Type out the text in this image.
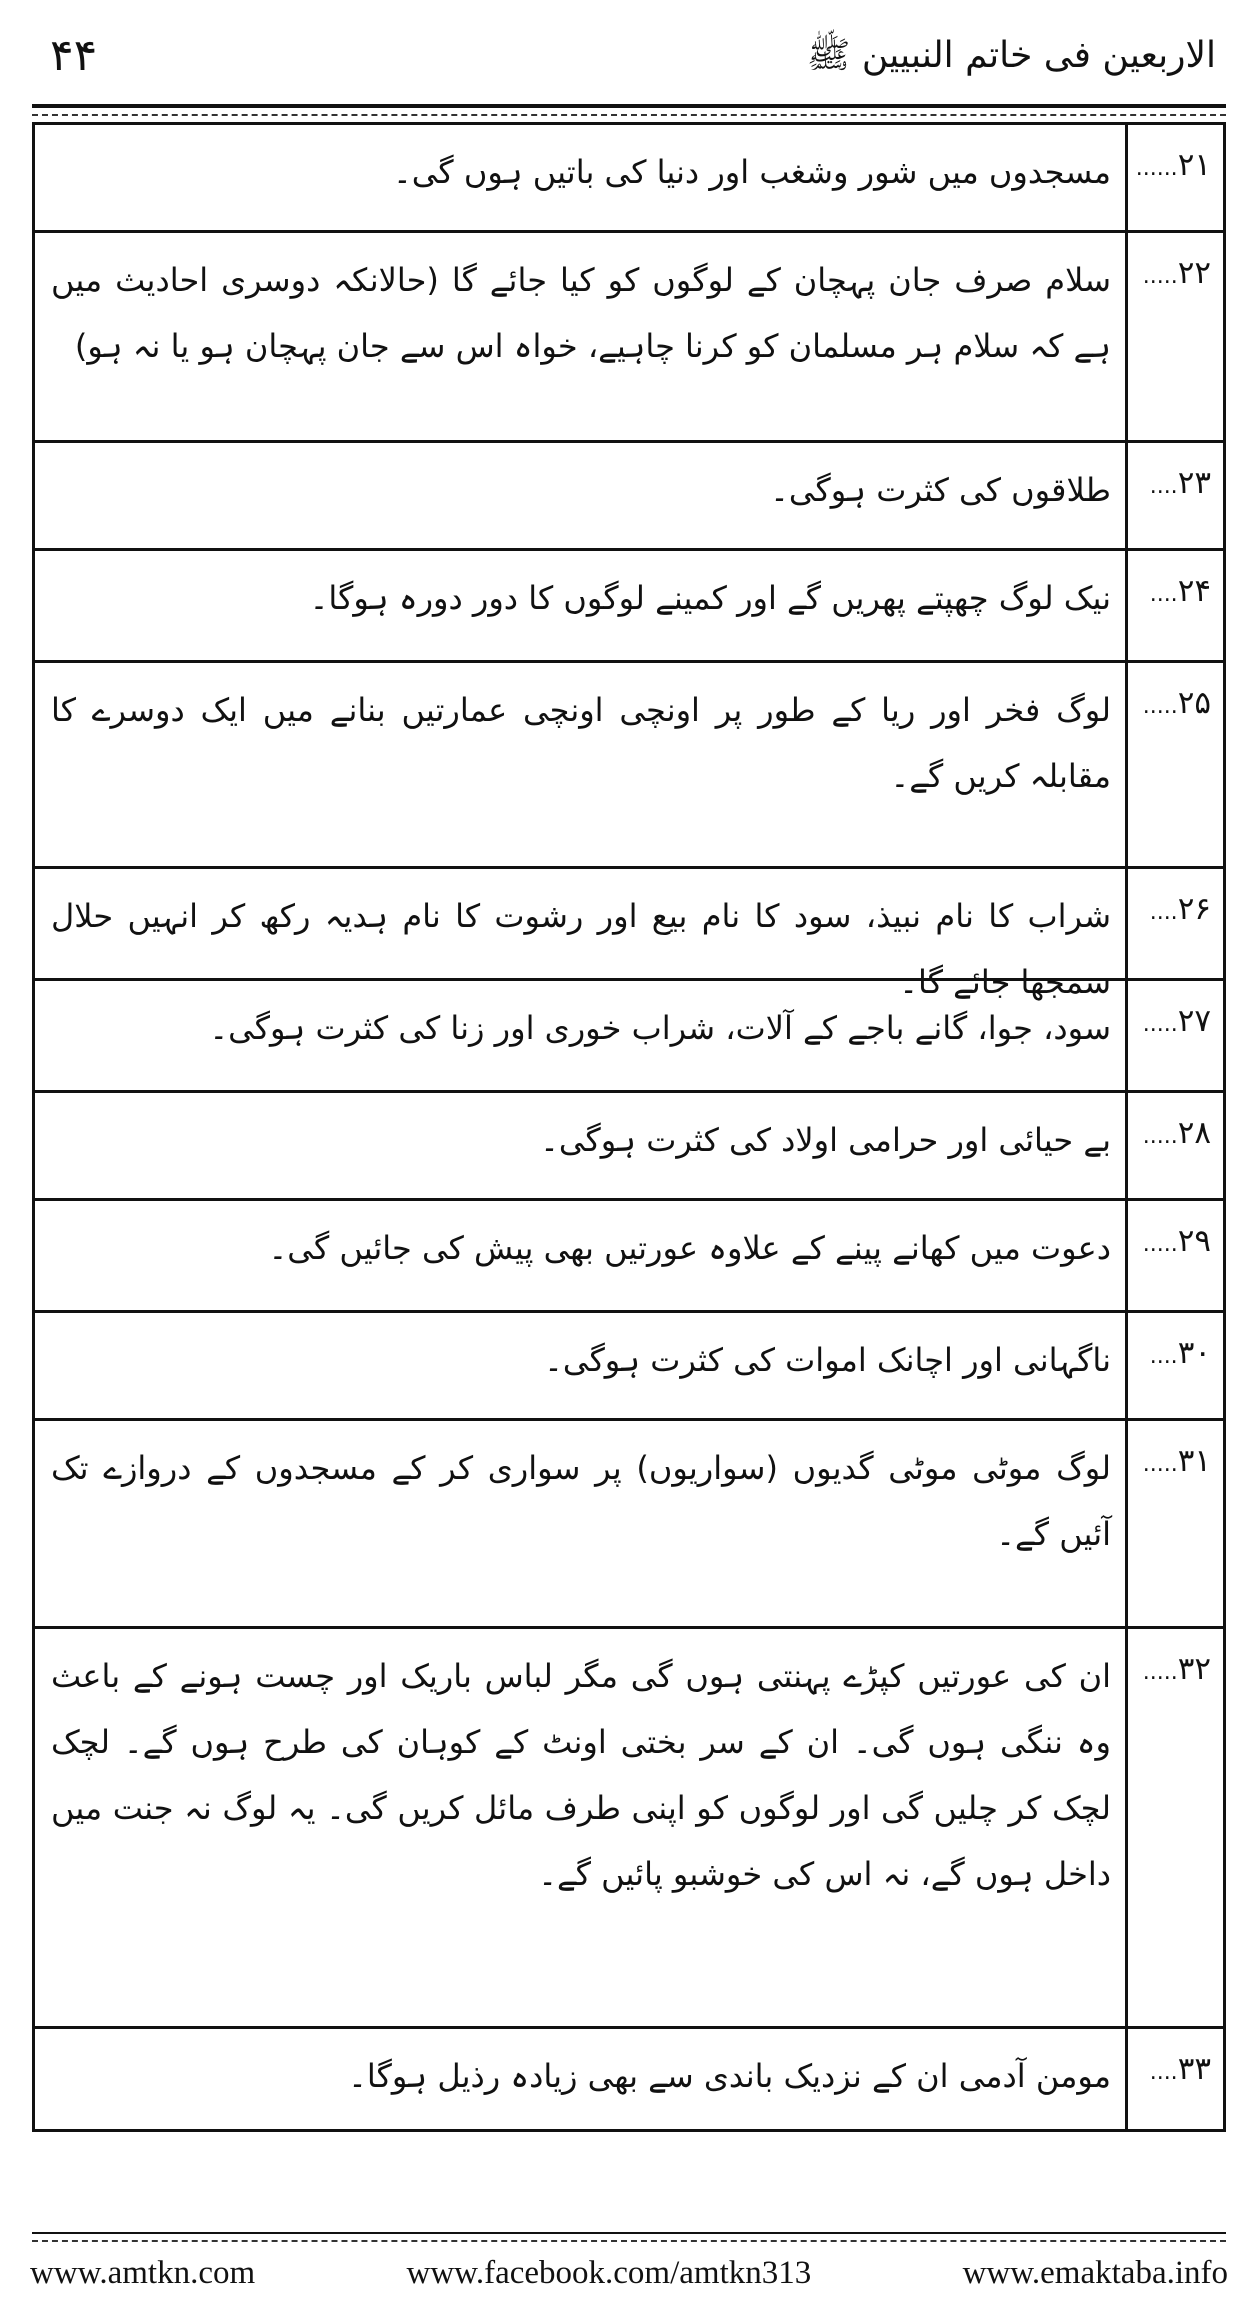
۴۴	الاربعین فی خاتم النبیین ﷺ
۲۱......
مسجدوں میں شور وشغب اور دنیا کی باتیں ہوں گی۔
۲۲.....
سلام صرف جان پہچان کے لوگوں کو کیا جائے گا (حالانکہ دوسری احادیث میں ہے کہ سلام ہر مسلمان کو کرنا چاہیے، خواہ اس سے جان پہچان ہو یا نہ ہو)
۲۳....
طلاقوں کی کثرت ہوگی۔
۲۴....
نیک لوگ چھپتے پھریں گے اور کمینے لوگوں کا دور دورہ ہوگا۔
۲۵.....
لوگ فخر اور ریا کے طور پر اونچی اونچی عمارتیں بنانے میں ایک دوسرے کا مقابلہ کریں گے۔
۲۶....
شراب کا نام نبیذ، سود کا نام بیع اور رشوت کا نام ہدیہ رکھ کر انہیں حلال سمجھا جائے گا۔
۲۷.....
سود، جوا، گانے باجے کے آلات، شراب خوری اور زنا کی کثرت ہوگی۔
۲۸.....
بے حیائی اور حرامی اولاد کی کثرت ہوگی۔
۲۹.....
دعوت میں کھانے پینے کے علاوہ عورتیں بھی پیش کی جائیں گی۔
۳۰....
ناگہانی اور اچانک اموات کی کثرت ہوگی۔
۳۱.....
لوگ موٹی موٹی گدیوں (سواریوں) پر سواری کر کے مسجدوں کے دروازے تک آئیں گے۔
۳۲.....
ان کی عورتیں کپڑے پہنتی ہوں گی مگر لباس باریک اور چست ہونے کے باعث وہ ننگی ہوں گی۔ ان کے سر بختی اونٹ کے کوہان کی طرح ہوں گے۔ لچک لچک کر چلیں گی اور لوگوں کو اپنی طرف مائل کریں گی۔ یہ لوگ نہ جنت میں داخل ہوں گے، نہ اس کی خوشبو پائیں گے۔
۳۳....
مومن آدمی ان کے نزدیک باندی سے بھی زیادہ رذیل ہوگا۔
www.amtkn.com	www.facebook.com/amtkn313	www.emaktaba.info
